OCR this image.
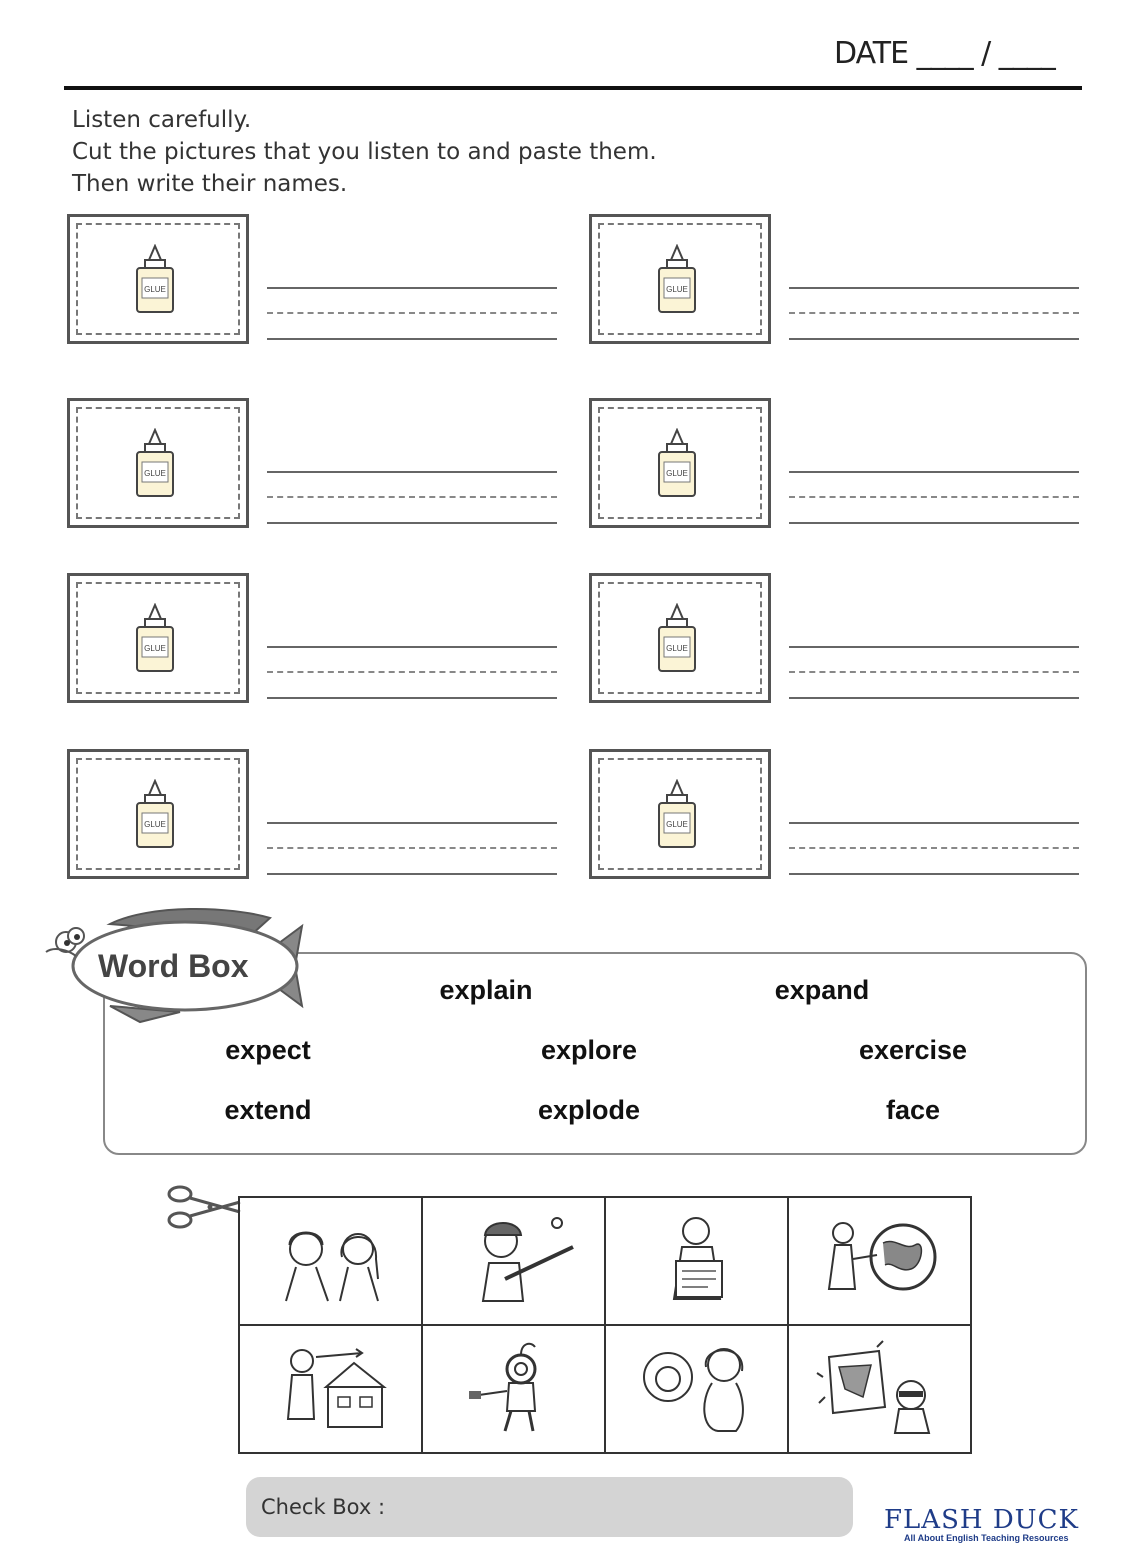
DATE ____ / ____
Listen carefully.
Cut the pictures that you listen to and paste them.
Then write their names.
GLUE	GLUE
GLUE	GLUE
GLUE	GLUE
GLUE	GLUE
Word Box
explain	expand
expect	explore	exercise
extend	explode	face

Check Box :	FLASH DUCK
All About English Teaching Resources
